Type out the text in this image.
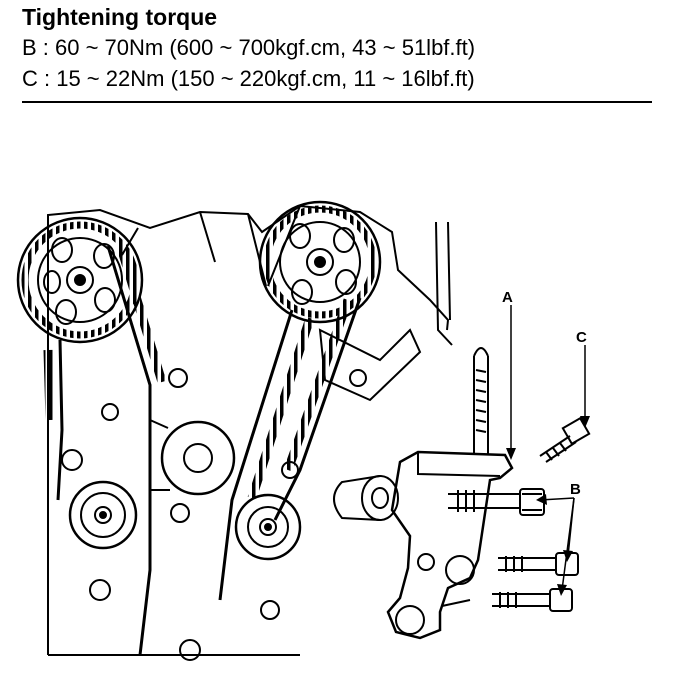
Tightening torque

B : 60 ~ 70Nm (600 ~ 700kgf.cm, 43 ~ 51lbf.ft)

C : 15 ~ 22Nm (150 ~ 220kgf.cm, 11 ~ 16lbf.ft)

A
C
B
